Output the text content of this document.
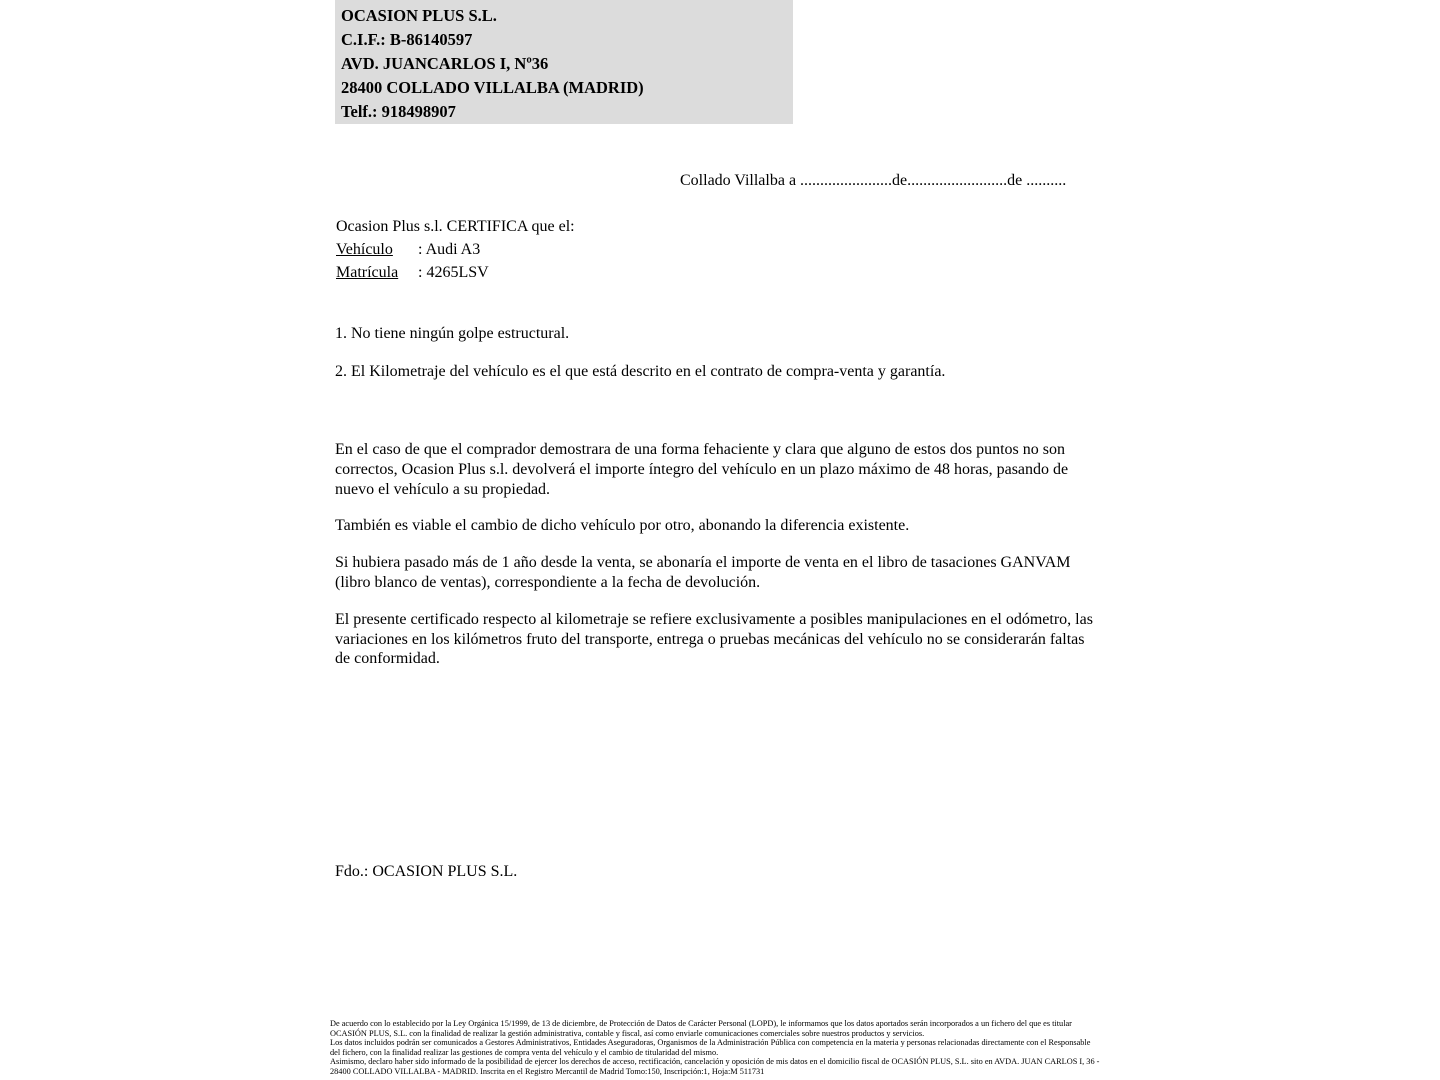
OCASION PLUS S.L.
C.I.F.: B-86140597
AVD. JUANCARLOS I, Nº36
28400 COLLADO VILLALBA (MADRID)
Telf.: 918498907
Collado Villalba a .......................de.........................de ..........
Ocasion Plus s.l. CERTIFICA que el:
Vehículo : Audi A3
Matrícula : 4265LSV
1. No tiene ningún golpe estructural.
2. El Kilometraje del vehículo es el que está descrito en el contrato de compra-venta y garantía.

En el caso de que el comprador demostrara de una forma fehaciente y clara que alguno de estos dos puntos no son correctos, Ocasion Plus s.l. devolverá el importe íntegro del vehículo en un plazo máximo de 48 horas, pasando de nuevo el vehículo a su propiedad.

También es viable el cambio de dicho vehículo por otro, abonando la diferencia existente.

Si hubiera pasado más de 1 año desde la venta, se abonaría el importe de venta en el libro de tasaciones GANVAM (libro blanco de ventas), correspondiente a la fecha de devolución.

El presente certificado respecto al kilometraje se refiere exclusivamente a posibles manipulaciones en el odómetro, las variaciones en los kilómetros fruto del transporte, entrega o pruebas mecánicas del vehículo no se considerarán faltas de conformidad.

Fdo.: OCASION PLUS S.L.

De acuerdo con lo establecido por la Ley Orgánica 15/1999, de 13 de diciembre, de Protección de Datos de Carácter Personal (LOPD), le informamos que los datos aportados serán incorporados a un fichero del que es titular OCASIÓN PLUS, S.L. con la finalidad de realizar la gestión administrativa, contable y fiscal, así como enviarle comunicaciones comerciales sobre nuestros productos y servicios.

Los datos incluidos podrán ser comunicados a Gestores Administrativos, Entidades Aseguradoras, Organismos de la Administración Pública con competencia en la materia y personas relacionadas directamente con el Responsable del fichero, con la finalidad realizar las gestiones de compra venta del vehículo y el cambio de titularidad del mismo.

Asimismo, declaro haber sido informado de la posibilidad de ejercer los derechos de acceso, rectificación, cancelación y oposición de mis datos en el domicilio fiscal de OCASIÓN PLUS, S.L. sito en AVDA. JUAN CARLOS I, 36 - 28400 COLLADO VILLALBA - MADRID. Inscrita en el Registro Mercantil de Madrid Tomo:150, Inscripción:1, Hoja:M 511731
